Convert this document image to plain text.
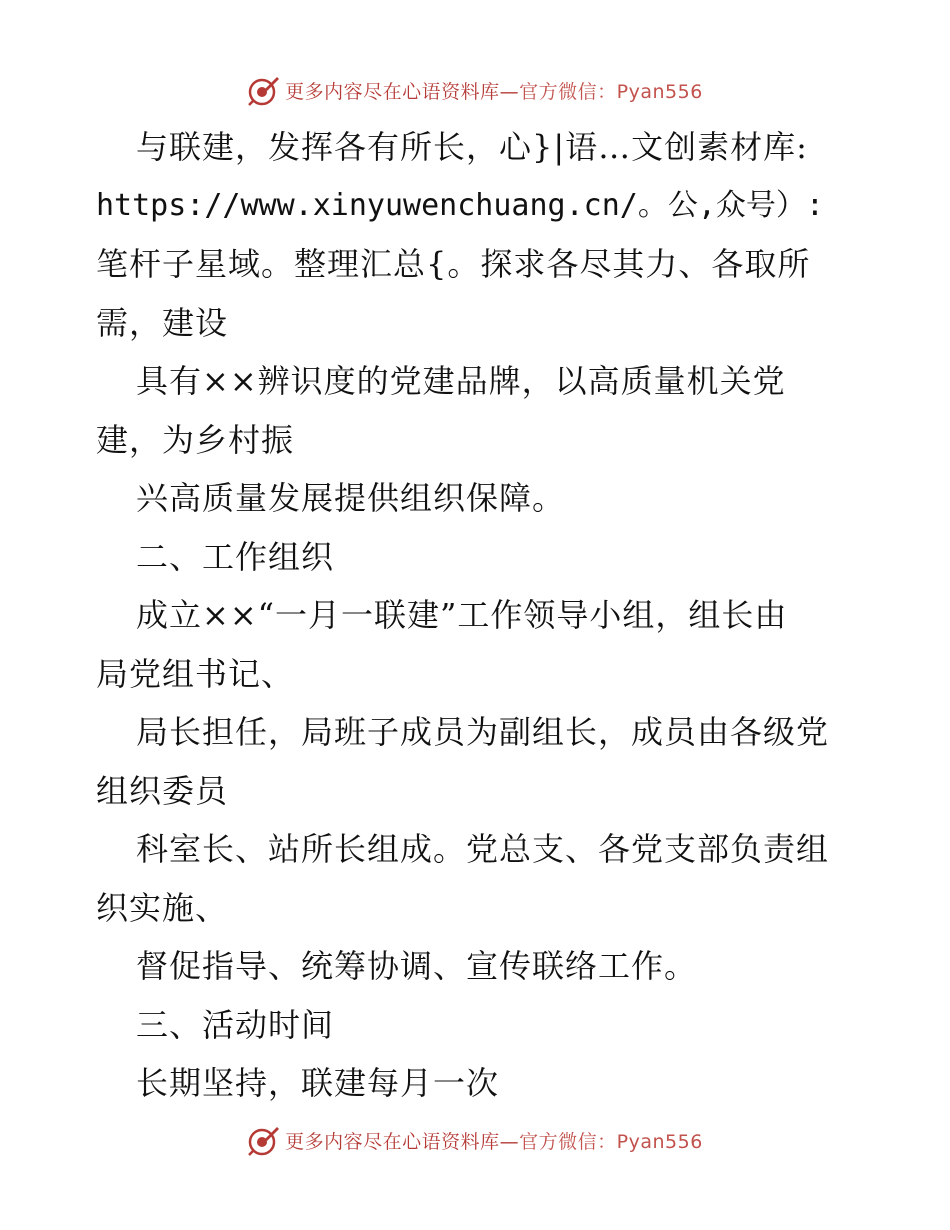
更多内容尽在心语资料库—官方微信：Pyan556
与联建，发挥各有所长，心}|语…文创素材库:
https://www.xinyuwenchuang.cn/。公,众号）:
笔杆子星域。整理汇总{。探求各尽其力、各取所
需，建设
具有××辨识度的党建品牌，以高质量机关党
建，为乡村振
兴高质量发展提供组织保障。
二、工作组织
成立××“一月一联建”工作领导小组，组长由
局党组书记、
局长担任，局班子成员为副组长，成员由各级党
组织委员
科室长、站所长组成。党总支、各党支部负责组
织实施、
督促指导、统筹协调、宣传联络工作。
三、活动时间
长期坚持，联建每月一次
更多内容尽在心语资料库—官方微信：Pyan556
